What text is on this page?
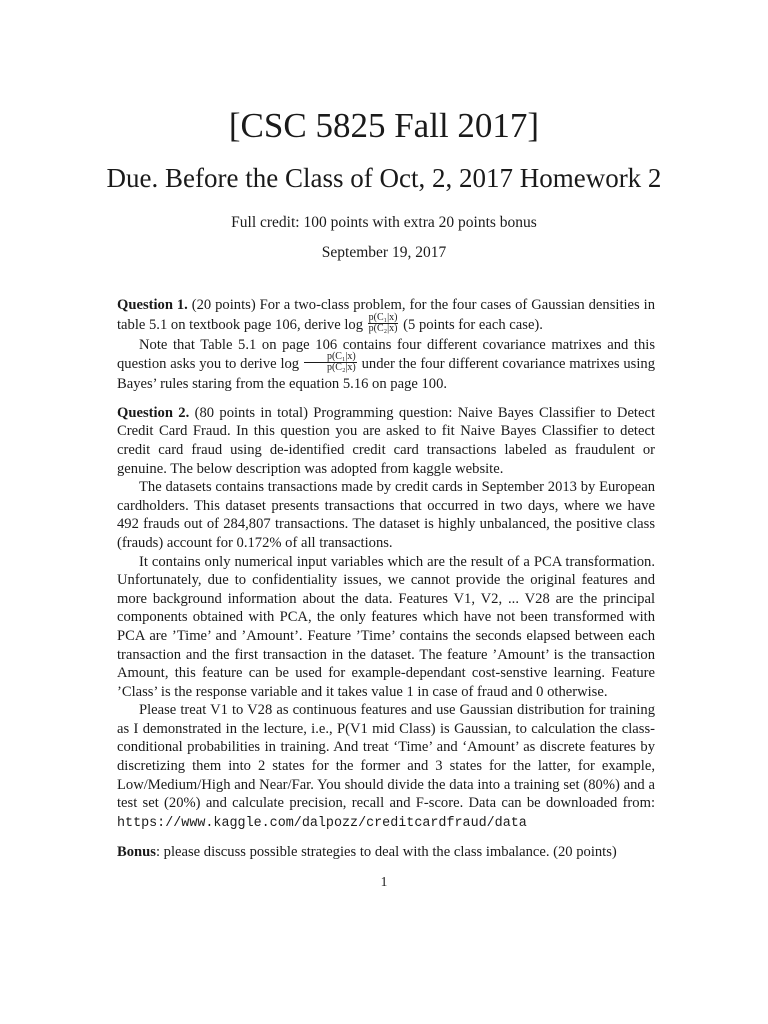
[CSC 5825 Fall 2017]
Due. Before the Class of Oct, 2, 2017 Homework 2
Full credit: 100 points with extra 20 points bonus
September 19, 2017

Question 1. (20 points) For a two-class problem, for the four cases of Gaussian densities in table 5.1 on textbook page 106, derive $\log \frac{\text{p(C₁|x)}}{\text{p(C₂|x)}} (5$ points for each case).

Note that Table 5.1 on page 106 contains four different covariance matrixes and this question asks you to derive $\log \frac{\text{p(C₁|x)}}{\text{p(C₂|x)}}$ under the four different covariance matrixes using Bayes’ rules staring from the equation 5.16 on page 100.

Question 2. (80 points in total) Programming question: Naive Bayes Classifier to Detect Credit Card Fraud. In this question you are asked to fit Naive Bayes Classifier to detect credit card fraud using de-identified credit card transactions labeled as fraudulent or genuine. The below description was adopted from kaggle website.

The datasets contains transactions made by credit cards in September 2013 by European cardholders. This dataset presents transactions that occurred in two days, where we have 492 frauds out of 284,807 transactions. The dataset is highly unbalanced, the positive class (frauds) account for 0.172% of all transactions.

It contains only numerical input variables which are the result of a PCA transformation. Unfortunately, due to confidentiality issues, we cannot provide the original features and more background information about the data. Features V1, V2, ... V28 are the principal components obtained with PCA, the only features which have not been transformed with PCA are ’Time’ and ’Amount’. Feature ’Time’ contains the seconds elapsed between each transaction and the first transaction in the dataset. The feature ’Amount’ is the transaction Amount, this feature can be used for example-dependant cost-senstive learning. Feature ’Class’ is the response variable and it takes value 1 in case of fraud and 0 otherwise.

Please treat V1 to V28 as continuous features and use Gaussian distribution for training as I demonstrated in the lecture, i.e., P(V1 mid Class) is Gaussian, to calculation the class-conditional probabilities in training. And treat ‘Time’ and ‘Amount’ as discrete features by discretizing them into 2 states for the former and 3 states for the latter, for example, Low/Medium/High and Near/Far. You should divide the data into a training set (80%) and a test set (20%) and calculate precision, recall and F-score. Data can be downloaded from: https://www.kaggle.com/dalpozz/creditcardfraud/data

Bonus: please discuss possible strategies to deal with the class imbalance. (20 points)

1
